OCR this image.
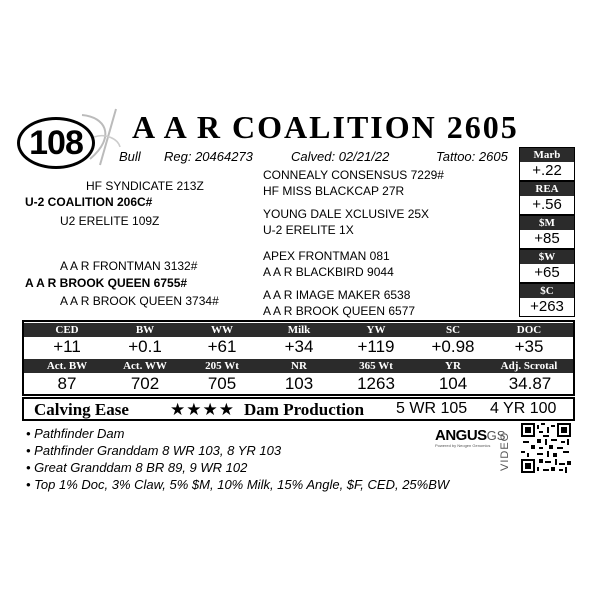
108 A A R COALITION 2605
Bull Reg: 20464273	Calved: 02/21/22	Tattoo: 2605
HF SYNDICATE 213Z
U-2 COALITION 206C#
U2 ERELITE 109Z
CONNEALY CONSENSUS 7229#
HF MISS BLACKCAP 27R
YOUNG DALE XCLUSIVE 25X
U-2 ERELITE 1X
A A R FRONTMAN 3132#
A A R BROOK QUEEN 6755#
A A R BROOK QUEEN 3734#
APEX FRONTMAN 081
A A R BLACKBIRD 9044
A A R IMAGE MAKER 6538
A A R BROOK QUEEN 6577
Marb
+.22
REA
+.56
$M
+85
$W
+65
$C
+263
CED	BW	WW	Milk	YW	SC	DOC
+11	+0.1	+61	+34	+119	+0.98	+35
Act. BW	Act. WW	205 Wt	NR	365 Wt	YR	Adj. Scrotal
87	702	705	103	1263	104	34.87
Calving Ease ★★★★ Dam Production 5 WR 105 4 YR 100
• Pathfinder Dam
• Pathfinder Granddam 8 WR 103, 8 YR 103
• Great Granddam 8 BR 89, 9 WR 102
• Top 1% Doc, 3% Claw, 5% $M, 10% Milk, 15% Angle, $F, CED, 25%BW
ANGUSGS
Powered by Neogen Genomics VIDEO
